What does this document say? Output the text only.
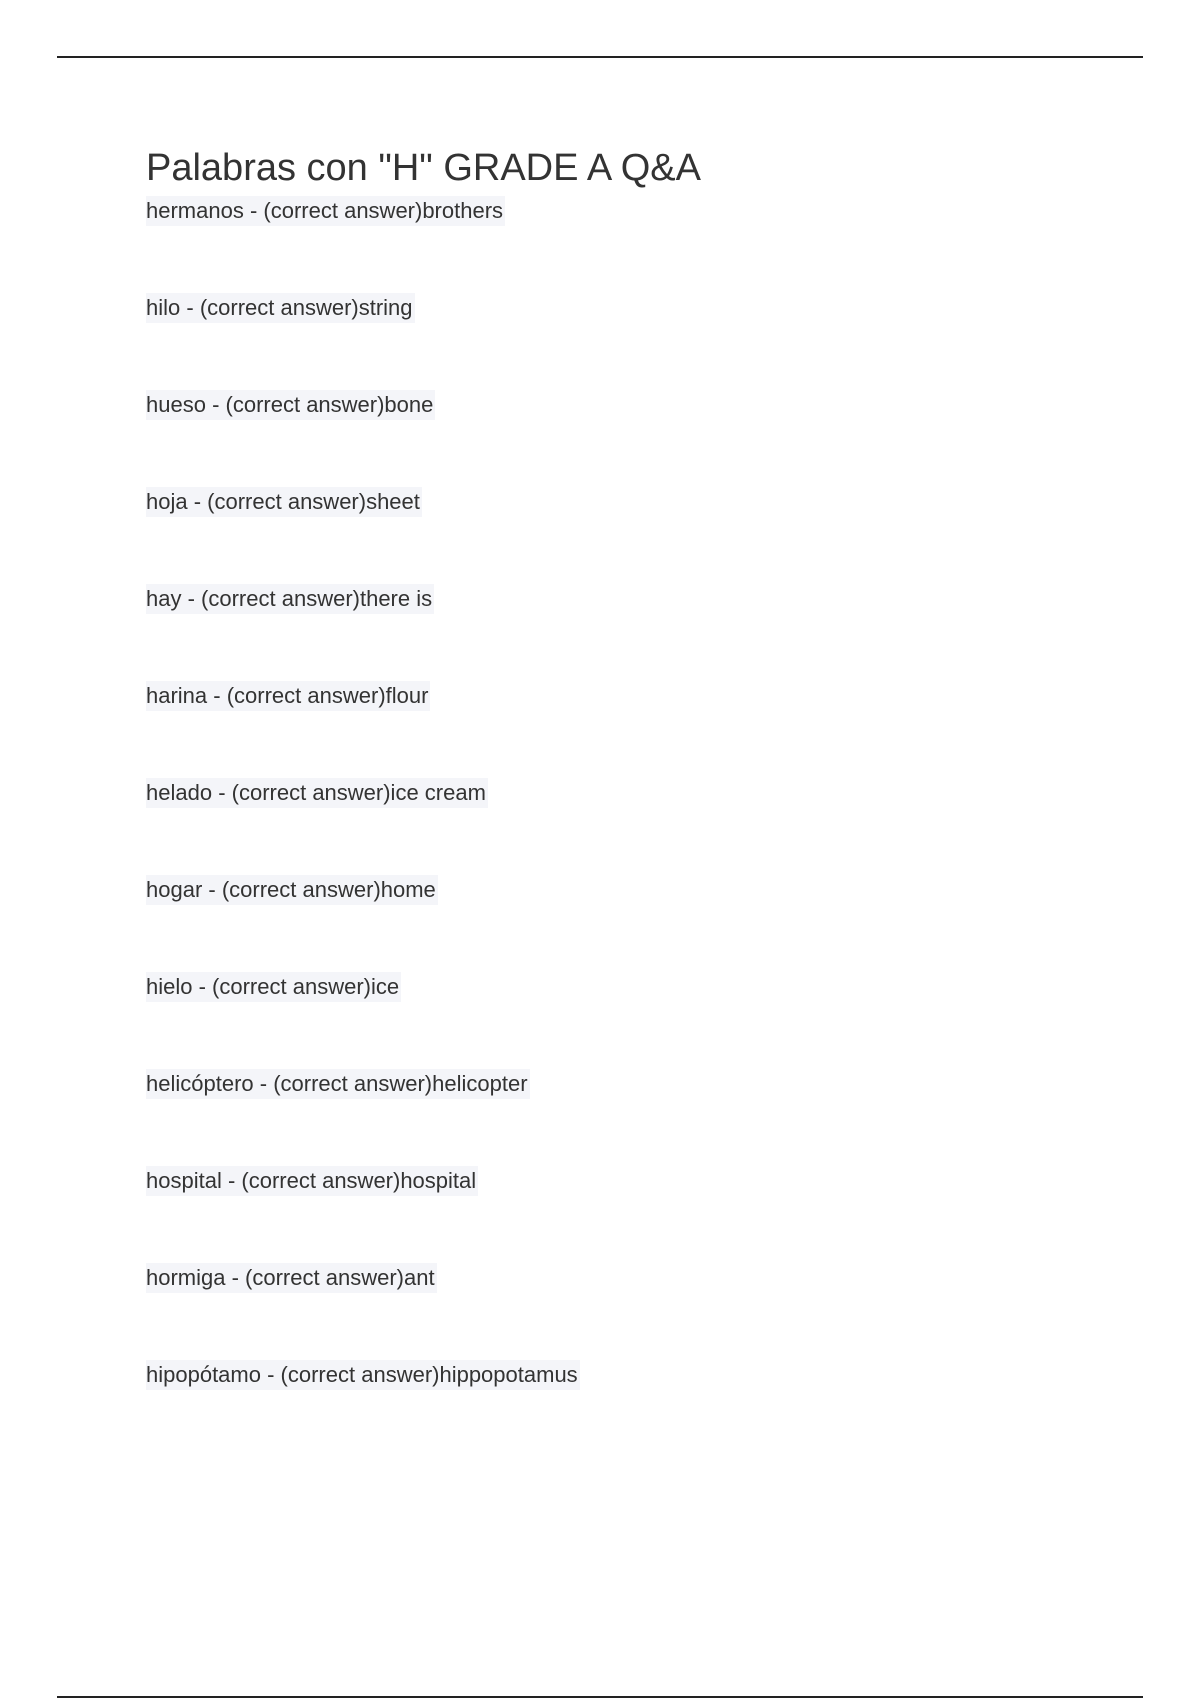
Palabras con "H" GRADE A Q&A
hermanos - (correct answer)brothers
hilo - (correct answer)string
hueso - (correct answer)bone
hoja - (correct answer)sheet
hay - (correct answer)there is
harina - (correct answer)flour
helado - (correct answer)ice cream
hogar - (correct answer)home
hielo - (correct answer)ice
helicóptero - (correct answer)helicopter
hospital - (correct answer)hospital
hormiga - (correct answer)ant
hipopótamo - (correct answer)hippopotamus
